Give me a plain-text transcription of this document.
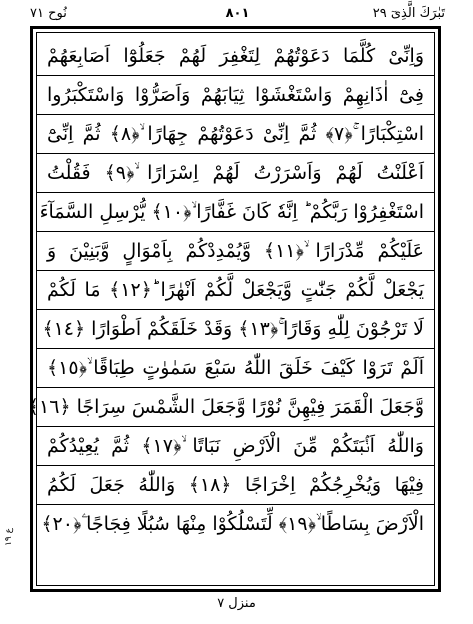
تَبٰرَكَ الَّذِیٓ ٢٩
٨٠١
نُوح ٧١
وَاِنِّیْ كُلَّمَا دَعَوْتُهُمْ لِتَغْفِرَ لَهُمْ جَعَلُوْٓا اَصَابِعَهُمْ
فِیْٓ اٰذَانِهِمْ وَاسْتَغْشَوْا ثِیَابَهُمْ وَاَصَرُّوْا وَاسْتَكْبَرُوا
اسْتِكْبَارًا ۚ﴿٧﴾ ثُمَّ اِنِّیْ دَعَوْتُهُمْ جِهَارًا ۙ﴿٨﴾ ثُمَّ اِنِّیْٓ
اَعْلَنْتُ لَهُمْ وَاَسْرَرْتُ لَهُمْ اِسْرَارًا ۙ﴿٩﴾ فَقُلْتُ
اسْتَغْفِرُوْا رَبَّكُمْ ؕ اِنَّهٗ كَانَ غَفَّارًا ۙ﴿١٠﴾ یُّرْسِلِ السَّمَآءَ
عَلَیْكُمْ مِّدْرَارًا ۙ﴿١١﴾ وَّیُمْدِدْكُمْ بِاَمْوَالٍ وَّبَنِیْنَ وَ
یَجْعَلْ لَّكُمْ جَنّٰتٍ وَّیَجْعَلْ لَّكُمْ اَنْهٰرًا ؕ﴿١٢﴾ مَا لَكُمْ
لَا تَرْجُوْنَ لِلّٰهِ وَقَارًا ۚ﴿١٣﴾ وَقَدْ خَلَقَكُمْ اَطْوَارًا ﴿١٤﴾
اَلَمْ تَرَوْا كَیْفَ خَلَقَ اللّٰهُ سَبْعَ سَمٰوٰتٍ طِبَاقًا ۙ﴿١٥﴾
وَّجَعَلَ الْقَمَرَ فِیْهِنَّ نُوْرًا وَّجَعَلَ الشَّمْسَ سِرَاجًا ﴿١٦﴾
وَاللّٰهُ اَنْۢبَتَكُمْ مِّنَ الْاَرْضِ نَبَاتًا ۙ﴿١٧﴾ ثُمَّ یُعِیْدُكُمْ
فِیْهَا وَیُخْرِجُكُمْ اِخْرَاجًا ﴿١٨﴾ وَاللّٰهُ جَعَلَ لَكُمُ
الْاَرْضَ بِسَاطًا ۙ﴿١٩﴾ لِّتَسْلُكُوْا مِنْهَا سُبُلًا فِجَاجًا ۧ﴿٢٠﴾
ع ١٩
منزل ٧
